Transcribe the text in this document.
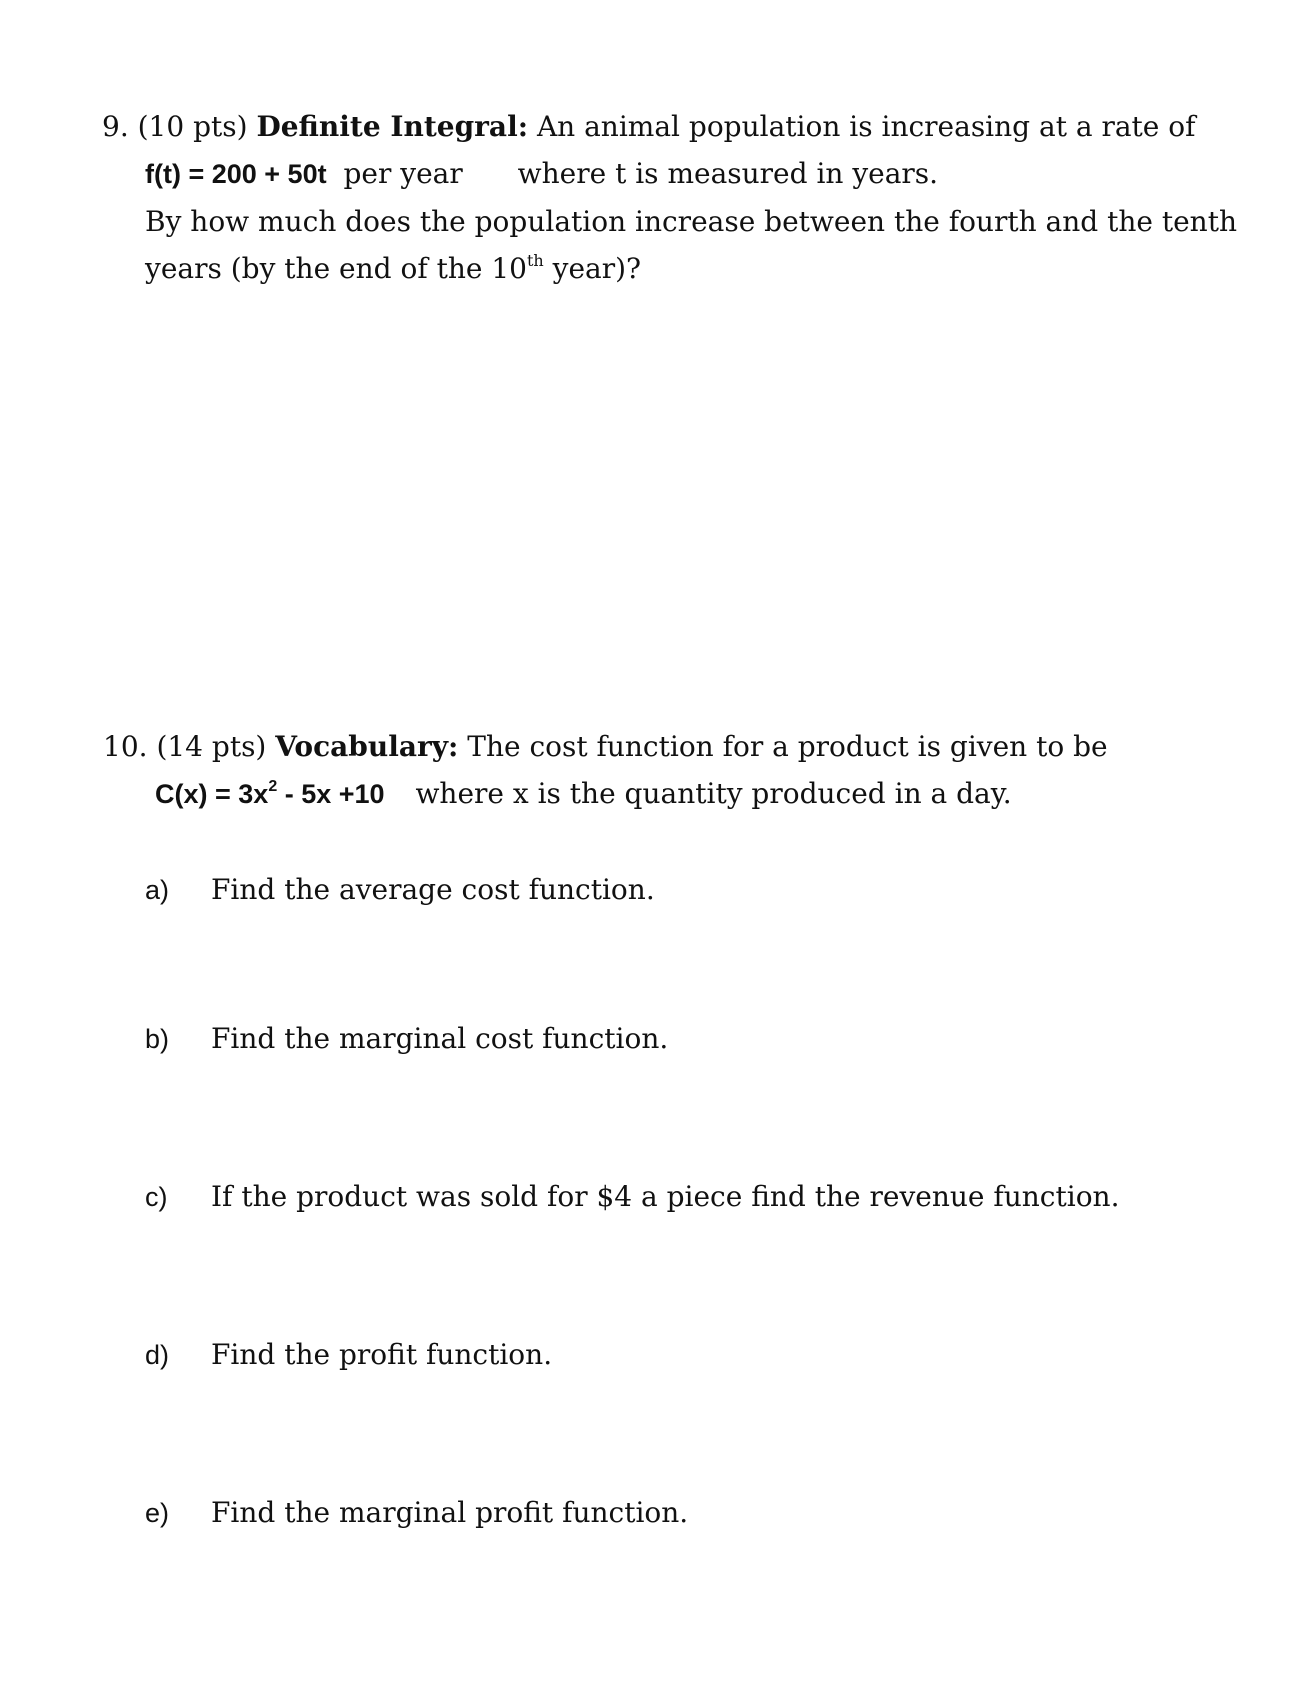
9. (10 pts) Definite Integral: An animal population is increasing at a rate of
f(t) = 200 + 50t per year where t is measured in years.
By how much does the population increase between the fourth and the tenth
years (by the end of the 10th year)?
10. (14 pts) Vocabulary: The cost function for a product is given to be
$C(x) = 3x^2 - 5x +10$ where x is the quantity produced in a day.
a) Find the average cost function.
b) Find the marginal cost function.
c) If the product was sold for $4 a piece find the revenue function.
d) Find the profit function.
e) Find the marginal profit function.
